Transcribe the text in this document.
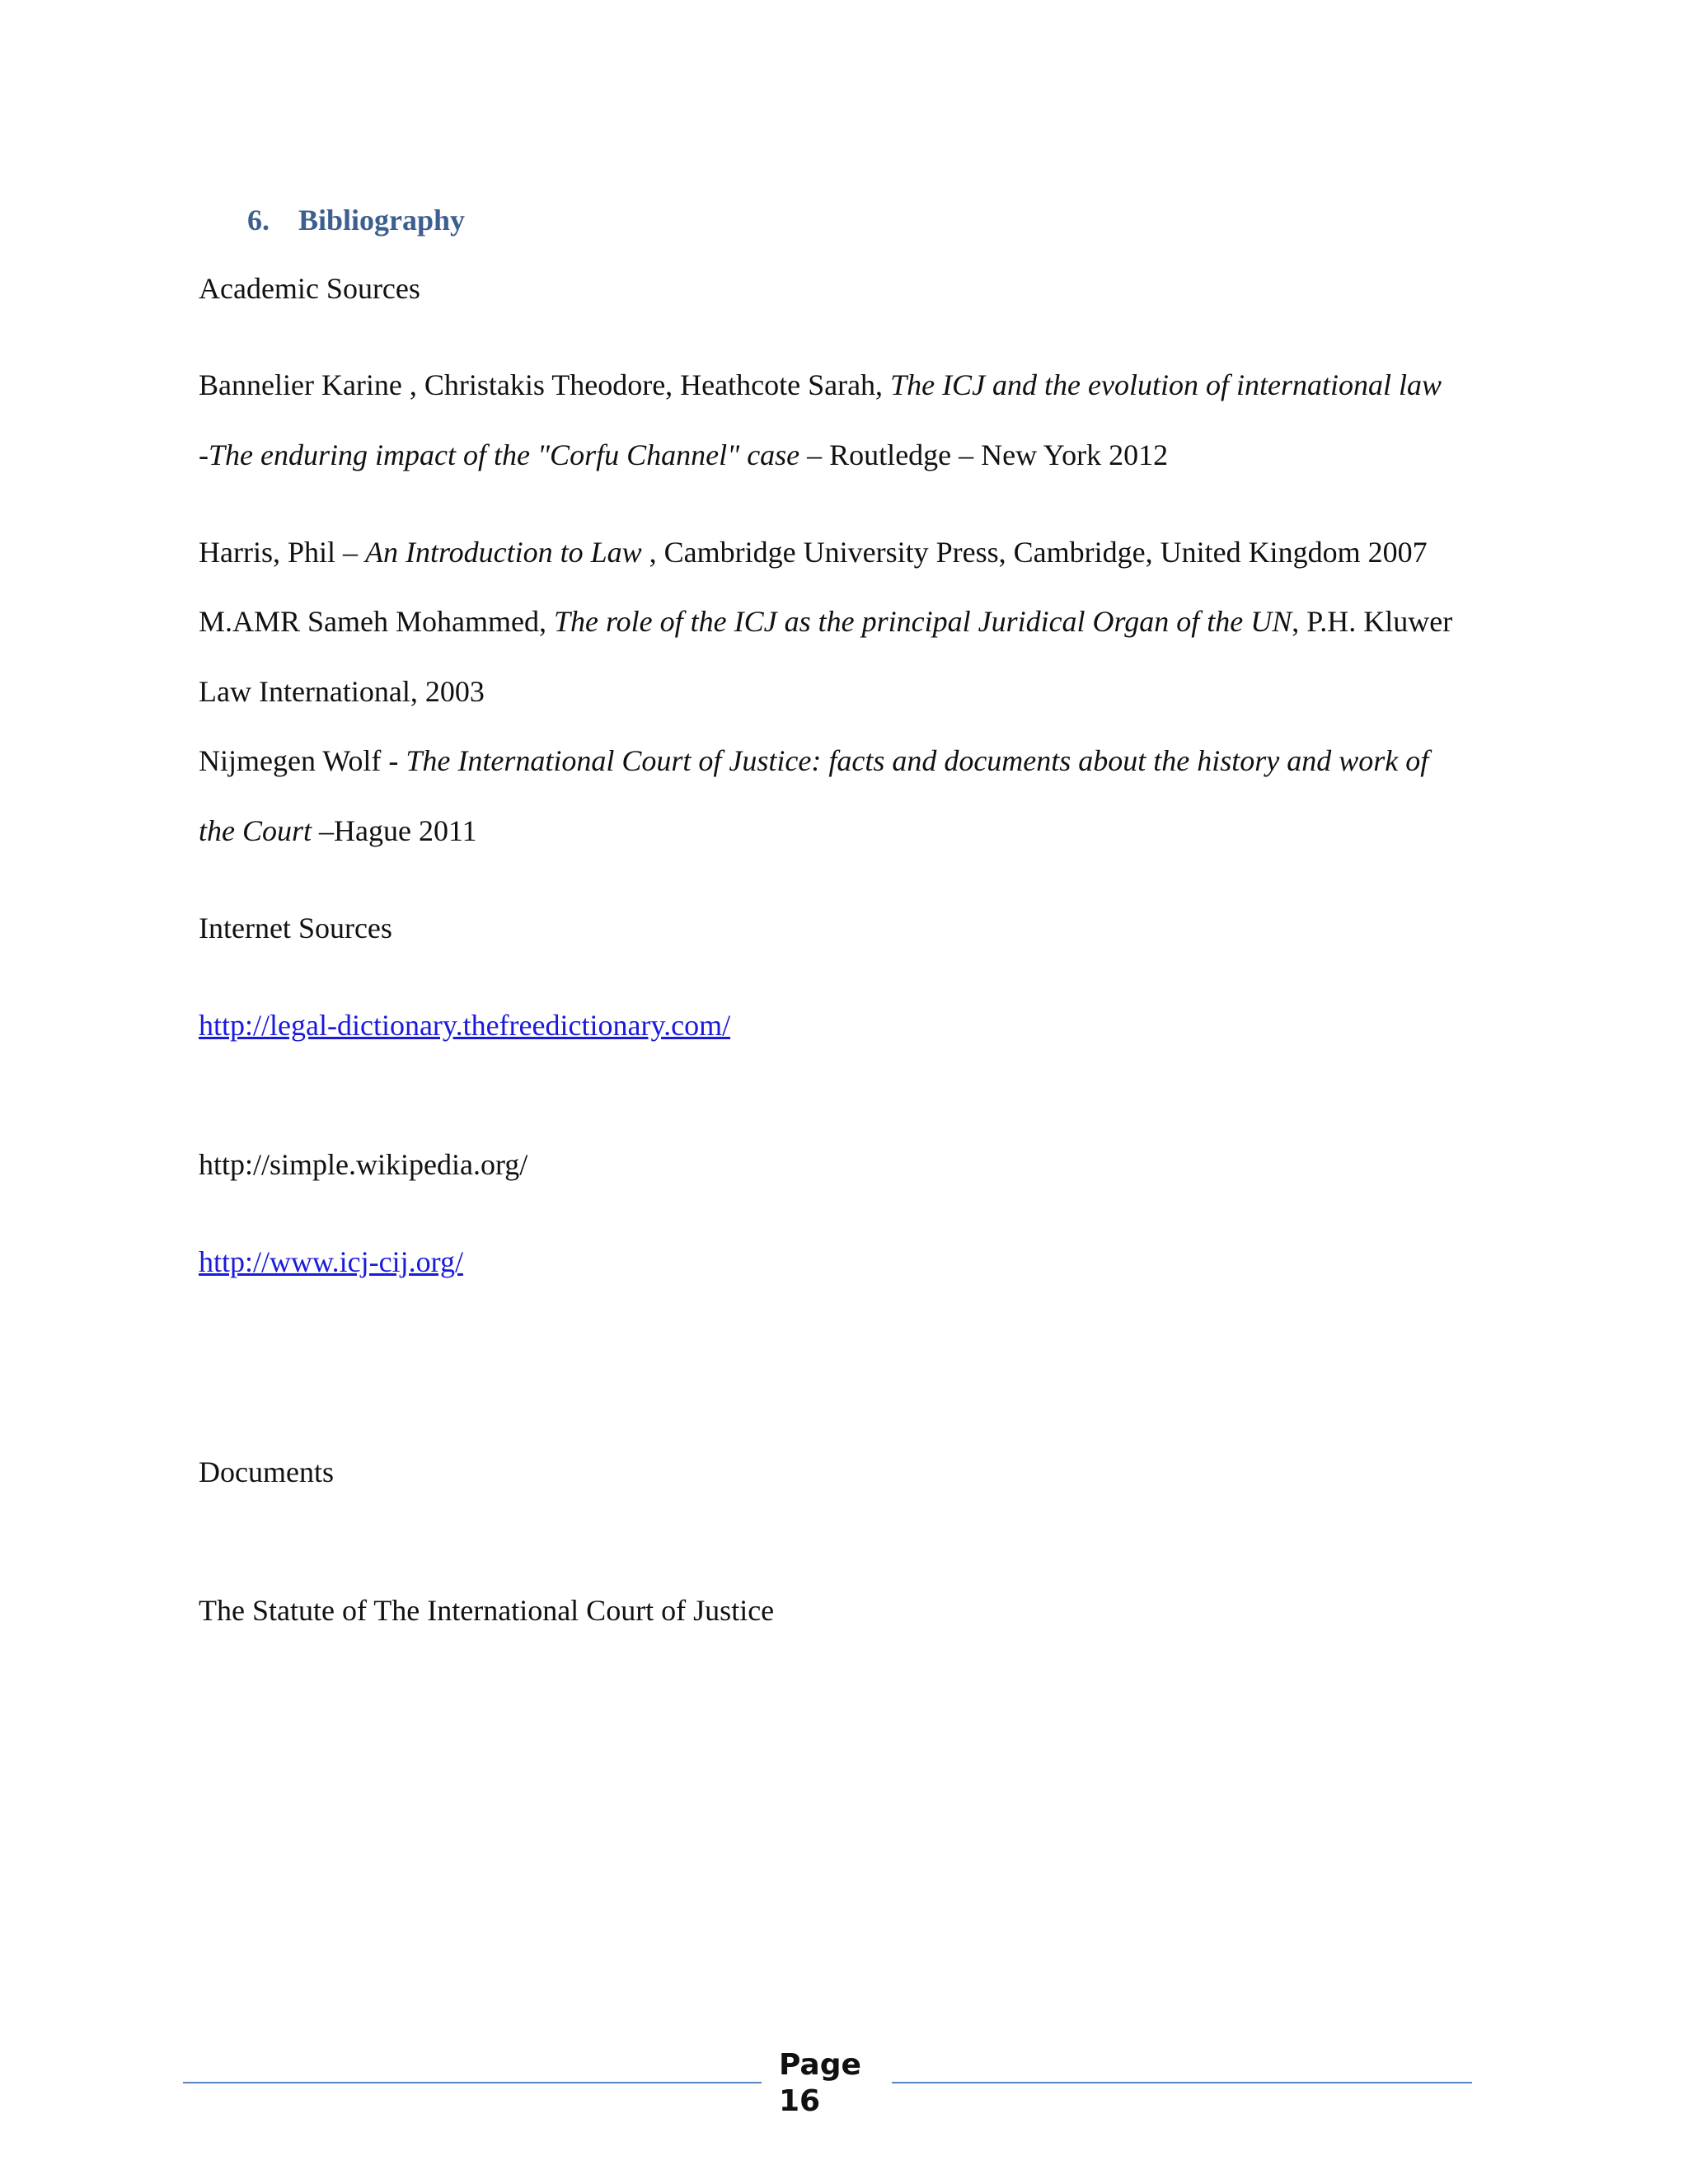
6. Bibliography
Academic Sources
Bannelier Karine , Christakis Theodore, Heathcote Sarah, The ICJ and the evolution of international law
-The enduring impact of the "Corfu Channel" case – Routledge – New York 2012
Harris, Phil – An Introduction to Law , Cambridge University Press, Cambridge, United Kingdom 2007
M.AMR Sameh Mohammed, The role of the ICJ as the principal Juridical Organ of the UN, P.H. Kluwer
Law International, 2003
Nijmegen Wolf - The International Court of Justice: facts and documents about the history and work of
the Court –Hague 2011
Internet Sources
http://legal-dictionary.thefreedictionary.com/
http://simple.wikipedia.org/
http://www.icj-cij.org/
Documents
The Statute of The International Court of Justice
Page
16
